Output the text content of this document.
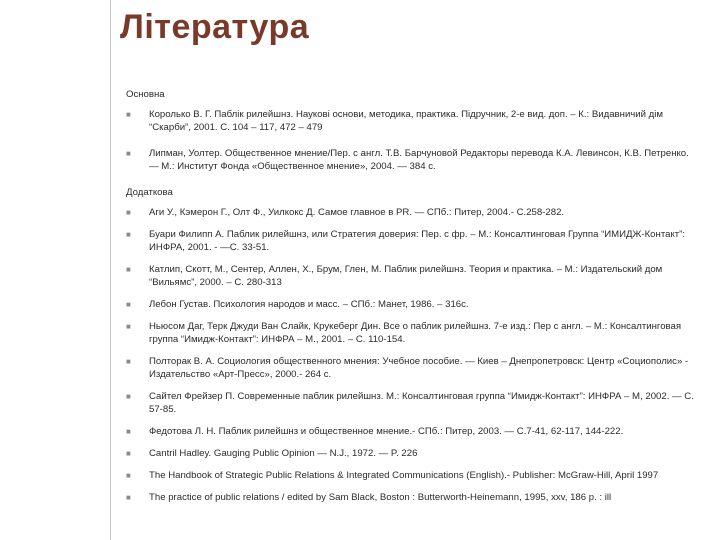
Література
Основна
■ Королько В. Г. Паблік рилейшнз. Наукові основи, методика, практика. Підручник, 2-е вид. доп. – К.: Видавничий дім “Скарби”, 2001. С. 104 – 117, 472 – 479
■ Липман, Уолтер. Общественное мнение/Пер. с англ. Т.В. Барчуновой Редакторы перевода К.А. Левинсон, К.В. Петренко. — М.: Институт Фонда «Общественное мнение», 2004. — 384 с.
Додаткова
■ Аги У., Кэмерон Г., Олт Ф., Уилкокс Д. Самое главное в PR. — СПб.: Питер, 2004.- С.258-282.
■ Буари Филипп А. Паблик рилейшнз, или Стратегия доверия: Пер. с фр. – М.: Консалтинговая Группа “ИМИДЖ-Контакт”: ИНФРА, 2001. - —С. 33-51.
■ Катлип, Скотт, М., Сентер, Аллен, Х., Брум, Глен, М. Паблик рилейшнз. Теория и практика. – М.: Издательский дом “Вильямс”, 2000. – С. 280-313
■ Лебон Густав. Психология народов и масс. – СПб.: Манет, 1986. – 316с.
■ Ньюсом Даг, Терк Джуди Ван Слайк, Крукеберг Дин. Все о паблик рилейшнз. 7-е изд.: Пер с англ. – М.: Консалтинговая группа “Имидж-Контакт”: ИНФРА – М., 2001. – С. 110-154.
■ Полторак В. А. Социология общественного мнения: Учебное пособие. — Киев – Днепропетровск: Центр «Социополис» - Издательство «Арт-Пресс», 2000.- 264 с.
■ Сайтел Фрейзер П. Современные паблик рилейшнз. М.: Консалтинговая группа “Имидж-Контакт”: ИНФРА – М, 2002. — С. 57-85.
■ Федотова Л. Н. Паблик рилейшнз и общественное мнение.- СПб.: Питер, 2003. — С.7-41, 62-117, 144-222.
■ Cantril Hadley. Gauging Public Opinion — N.J., 1972. — P. 226
■ The Handbook of Strategic Public Relations & Integrated Communications (English).- Publisher: McGraw-Hill, April 1997
■ The practice of public relations / edited by Sam Black, Boston : Butterworth-Heinemann, 1995, xxv, 186 p. : ill
